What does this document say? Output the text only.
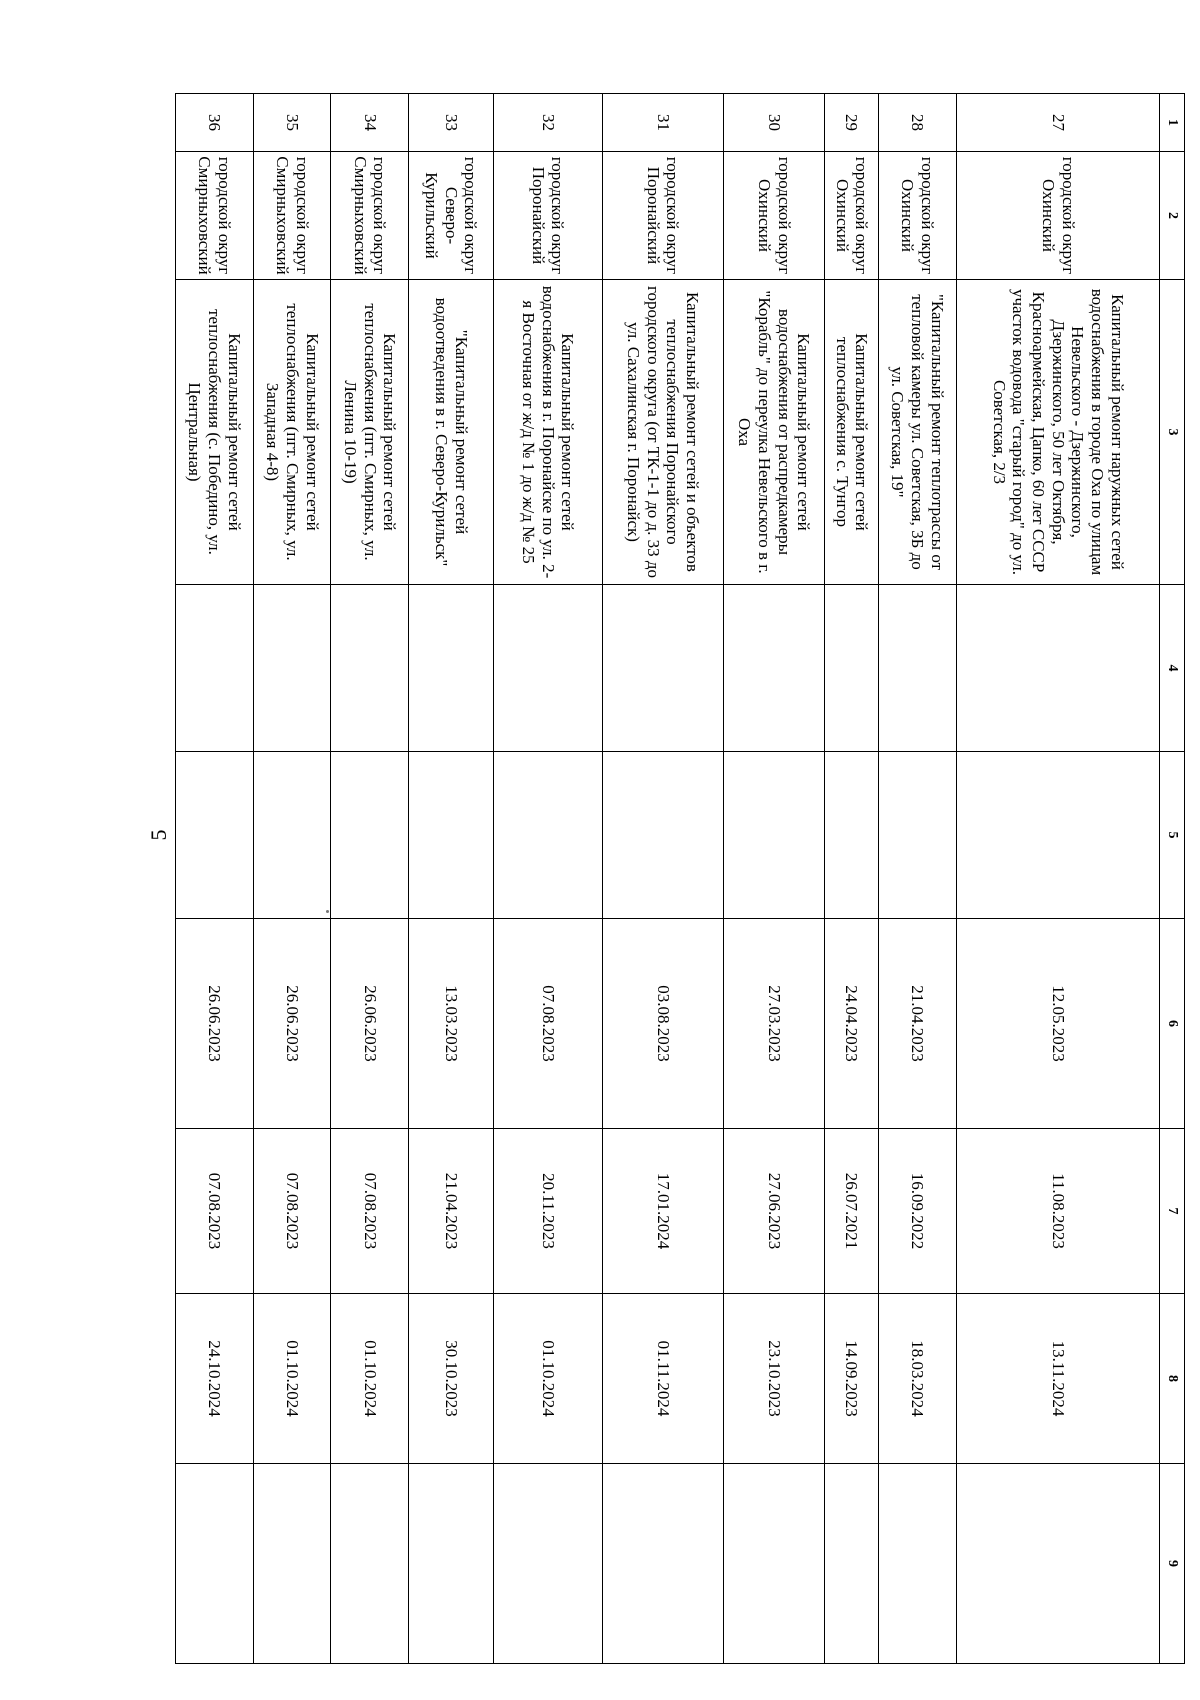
5
1	2	3	4	5	6	7	8	9
27	городской округ Охинский	Капитальный ремонт наружных сетей водоснабжения в городе Оха по улицам Невельского - Дзержинского, Дзержинского, 50 лет Октября, Красноармейская, Цапко, 60 лет СССР участок водовода "старый город" до ул. Советская, 2/3			12.05.2023	11.08.2023	13.11.2024	
28	городской округ Охинский	"Капитальный ремонт теплотрассы от тепловой камеры ул. Советская, 3Б до ул. Советская, 19"			21.04.2023	16.09.2022	18.03.2024	
29	городской округ Охинский	Капитальный ремонт сетей теплоснабжения с. Тунгор			24.04.2023	26.07.2021	14.09.2023	
30	городской округ Охинский	Капитальный ремонт сетей водоснабжения от распредкамеры "Корабль" до переулка Невельского в г. Оха			27.03.2023	27.06.2023	23.10.2023	
31	городской округ Поронайский	Капитальный ремонт сетей и объектов теплоснабжения Поронайского городского округа (от ТК-1-1 до д. 33 до ул. Сахалинская г. Поронайск)			03.08.2023	17.01.2024	01.11.2024	
32	городской округ Поронайский	Капитальный ремонт сетей водоснабжения в г. Поронайске по ул. 2-я Восточная от ж/д № 1 до ж/д № 25			07.08.2023	20.11.2023	01.10.2024	
33	городской округ Северо-Курильский	"Капитальный ремонт сетей водоотведения в г. Северо-Курильск"			13.03.2023	21.04.2023	30.10.2023	
34	городской округ Смирныховский	Капитальный ремонт сетей теплоснабжения (пгт. Смирных, ул. Ленина 10-19)			26.06.2023	07.08.2023	01.10.2024	
35	городской округ Смирныховский	Капитальный ремонт сетей теплоснабжения (пгт. Смирных, ул. Западная 4-8)			26.06.2023	07.08.2023	01.10.2024	
36	городской округ Смирныховский	Капитальный ремонт сетей теплоснабжения (с. Победино, ул. Центральная)			26.06.2023	07.08.2023	24.10.2024	
